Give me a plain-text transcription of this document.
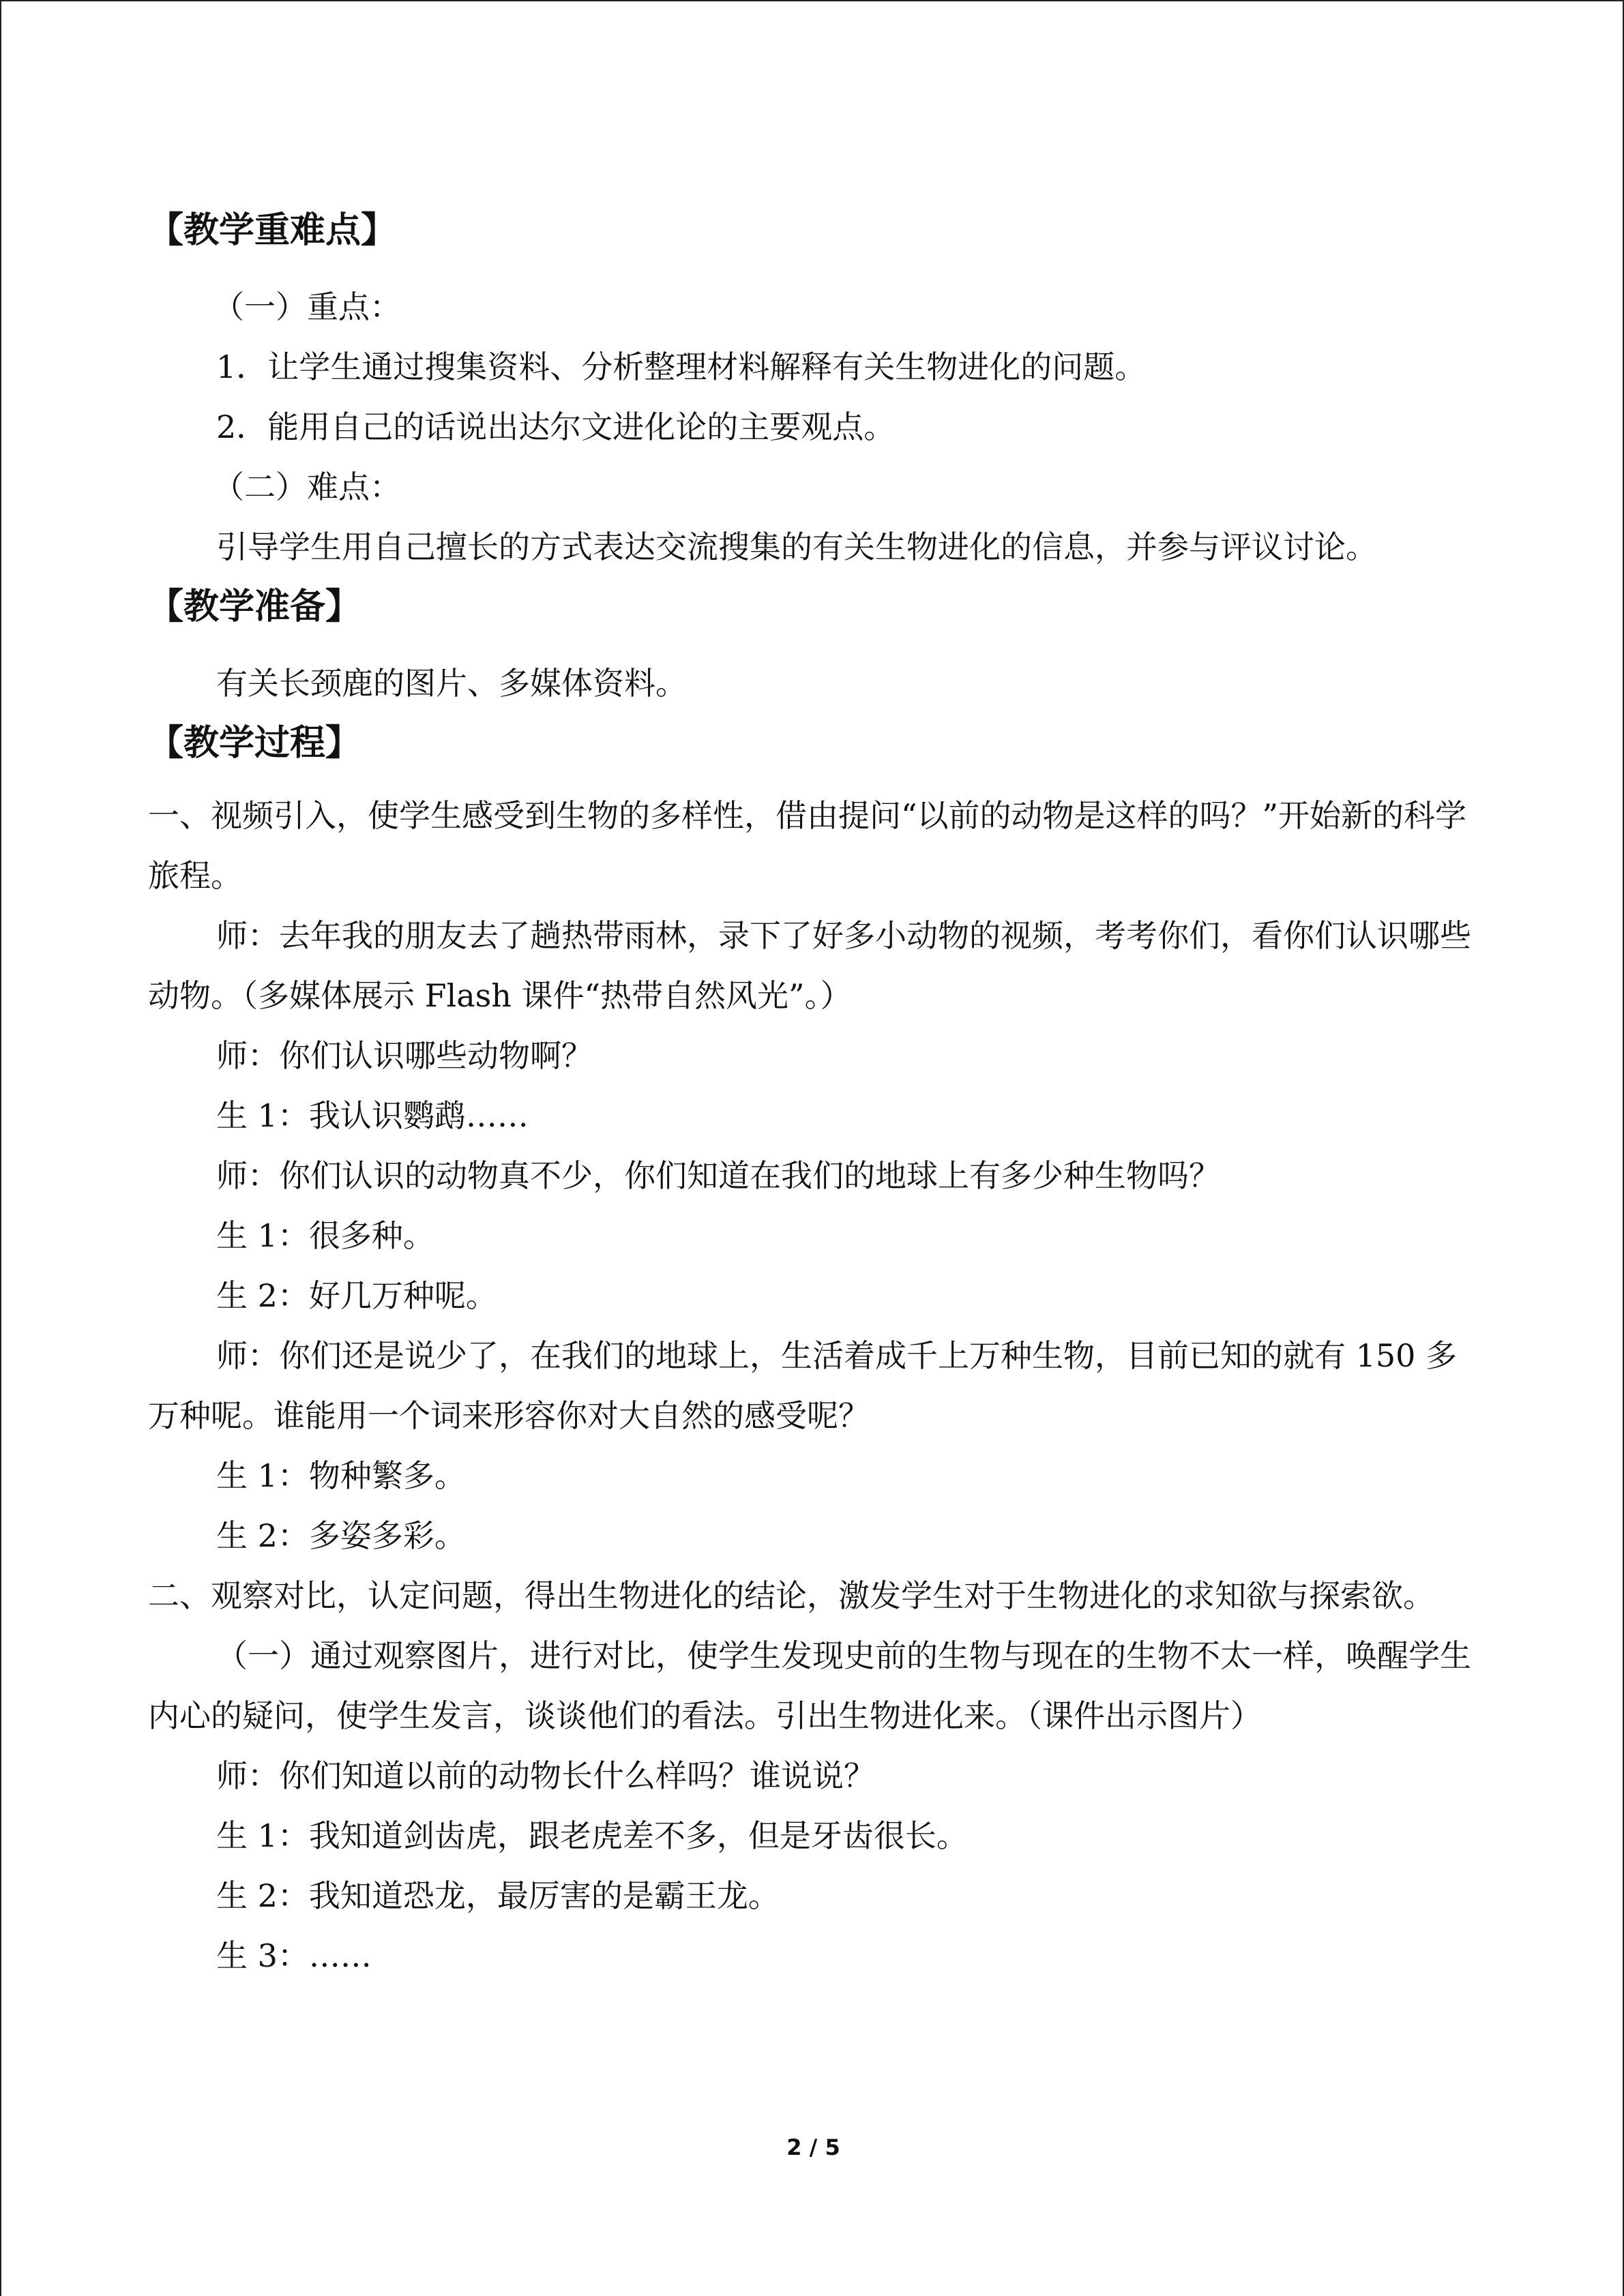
【教学重难点】

（一）重点：

1．让学生通过搜集资料、分析整理材料解释有关生物进化的问题。

2．能用自己的话说出达尔文进化论的主要观点。

（二）难点：

引导学生用自己擅长的方式表达交流搜集的有关生物进化的信息，并参与评议讨论。

【教学准备】

有关长颈鹿的图片、多媒体资料。

【教学过程】

一、视频引入，使学生感受到生物的多样性，借由提问“以前的动物是这样的吗？”开始新的科学旅程。

师：去年我的朋友去了趟热带雨林，录下了好多小动物的视频，考考你们，看你们认识哪些动物。（多媒体展示 Flash 课件“热带自然风光”。）

师：你们认识哪些动物啊？

生 1：我认识鹦鹉……

师：你们认识的动物真不少，你们知道在我们的地球上有多少种生物吗？

生 1：很多种。

生 2：好几万种呢。

师：你们还是说少了，在我们的地球上，生活着成千上万种生物，目前已知的就有 150 多万种呢。谁能用一个词来形容你对大自然的感受呢？

生 1：物种繁多。

生 2：多姿多彩。

二、观察对比，认定问题，得出生物进化的结论，激发学生对于生物进化的求知欲与探索欲。

（一）通过观察图片，进行对比，使学生发现史前的生物与现在的生物不太一样，唤醒学生内心的疑问，使学生发言，谈谈他们的看法。引出生物进化来。（课件出示图片）

师：你们知道以前的动物长什么样吗？谁说说？

生 1：我知道剑齿虎，跟老虎差不多，但是牙齿很长。

生 2：我知道恐龙，最厉害的是霸王龙。

生 3：……

2 / 5
